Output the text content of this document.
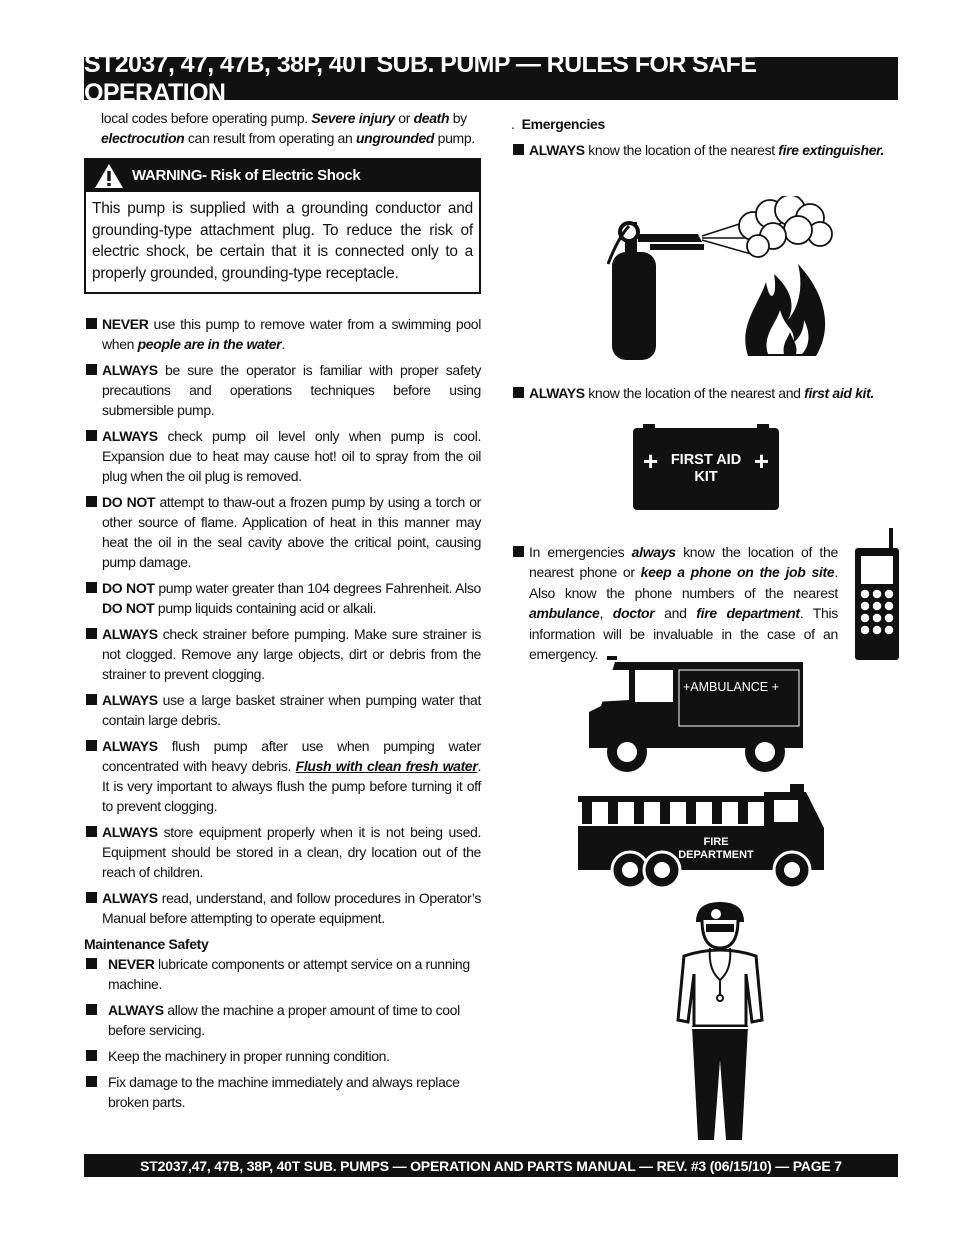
ST2037, 47, 47B, 38P, 40T SUB. PUMP — RULES FOR SAFE OPERATION
local codes before operating pump. Severe injury or death by electrocution can result from operating an ungrounded pump.
WARNING- Risk of Electric Shock
This pump is supplied with a grounding conductor and grounding-type attachment plug. To reduce the risk of electric shock, be certain that it is connected only to a properly grounded, grounding-type receptacle.
NEVER use this pump to remove water from a swimming pool when people are in the water.
ALWAYS be sure the operator is familiar with proper safety precautions and operations techniques before using submersible pump.
ALWAYS check pump oil level only when pump is cool. Expansion due to heat may cause hot! oil to spray from the oil plug when the oil plug is removed.
DO NOT attempt to thaw-out a frozen pump by using a torch or other source of flame. Application of heat in this manner may heat the oil in the seal cavity above the critical point, causing pump damage.
DO NOT pump water greater than 104 degrees Fahrenheit. Also DO NOT pump liquids containing acid or alkali.
ALWAYS check strainer before pumping. Make sure strainer is not clogged. Remove any large objects, dirt or debris from the strainer to prevent clogging.
ALWAYS use a large basket strainer when pumping water that contain large debris.
ALWAYS flush pump after use when pumping water concentrated with heavy debris. Flush with clean fresh water. It is very important to always flush the pump before turning it off to prevent clogging.
ALWAYS store equipment properly when it is not being used. Equipment should be stored in a clean, dry location out of the reach of children.
ALWAYS read, understand, and follow procedures in Operator’s Manual before attempting to operate equipment.
Maintenance Safety
NEVER lubricate components or attempt service on a running machine.
ALWAYS allow the machine a proper amount of time to cool before servicing.
Keep the machinery in proper running condition.
Fix damage to the machine immediately and always replace broken parts.
.  Emergencies
ALWAYS know the location of the nearest fire extinguisher.
ALWAYS know the location of the nearest and first aid kit.
+ FIRST AID
KIT
+
In emergencies always know the location of the nearest phone or keep a phone on the job site. Also know the phone numbers of the nearest ambulance, doctor and fire department. This information will be invaluable in the case of an emergency.
+AMBULANCE +
FIRE
DEPARTMENT
ST2037,47, 47B, 38P, 40T SUB. PUMPS — OPERATION AND PARTS MANUAL — REV. #3 (06/15/10) — PAGE 7
